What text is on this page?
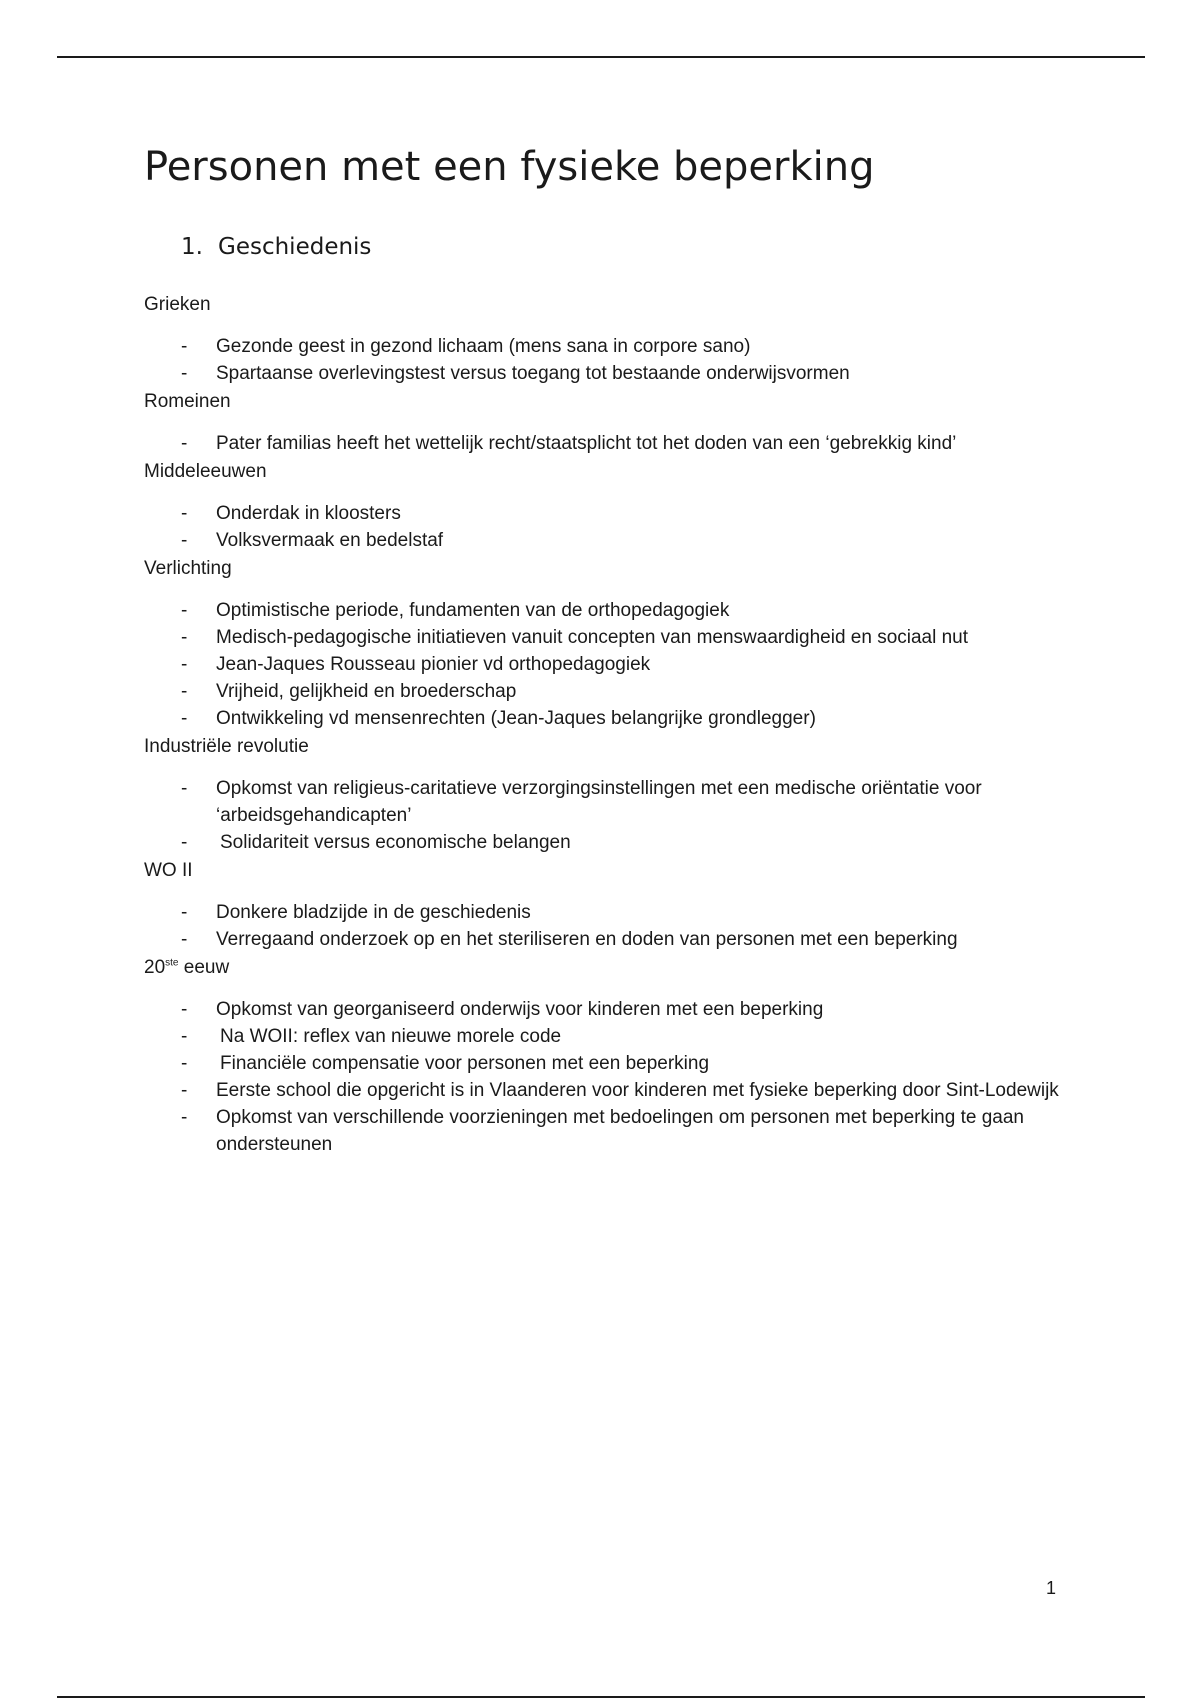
Personen met een fysieke beperking
1. Geschiedenis
Grieken
- Gezonde geest in gezond lichaam (mens sana in corpore sano)
- Spartaanse overlevingstest versus toegang tot bestaande onderwijsvormen
Romeinen
- Pater familias heeft het wettelijk recht/staatsplicht tot het doden van een ‘gebrekkig kind’
Middeleeuwen
- Onderdak in kloosters
- Volksvermaak en bedelstaf
Verlichting
- Optimistische periode, fundamenten van de orthopedagogiek
- Medisch-pedagogische initiatieven vanuit concepten van menswaardigheid en sociaal nut
- Jean-Jaques Rousseau pionier vd orthopedagogiek
- Vrijheid, gelijkheid en broederschap
- Ontwikkeling vd mensenrechten (Jean-Jaques belangrijke grondlegger)
Industriële revolutie
- Opkomst van religieus-caritatieve verzorgingsinstellingen met een medische oriëntatie voor ‘arbeidsgehandicapten’
- Solidariteit versus economische belangen
WO II
- Donkere bladzijde in de geschiedenis
- Verregaand onderzoek op en het steriliseren en doden van personen met een beperking
20ste eeuw
- Opkomst van georganiseerd onderwijs voor kinderen met een beperking
- Na WOII: reflex van nieuwe morele code
- Financiële compensatie voor personen met een beperking
- Eerste school die opgericht is in Vlaanderen voor kinderen met fysieke beperking door Sint-Lodewijk
- Opkomst van verschillende voorzieningen met bedoelingen om personen met beperking te gaan ondersteunen
1
